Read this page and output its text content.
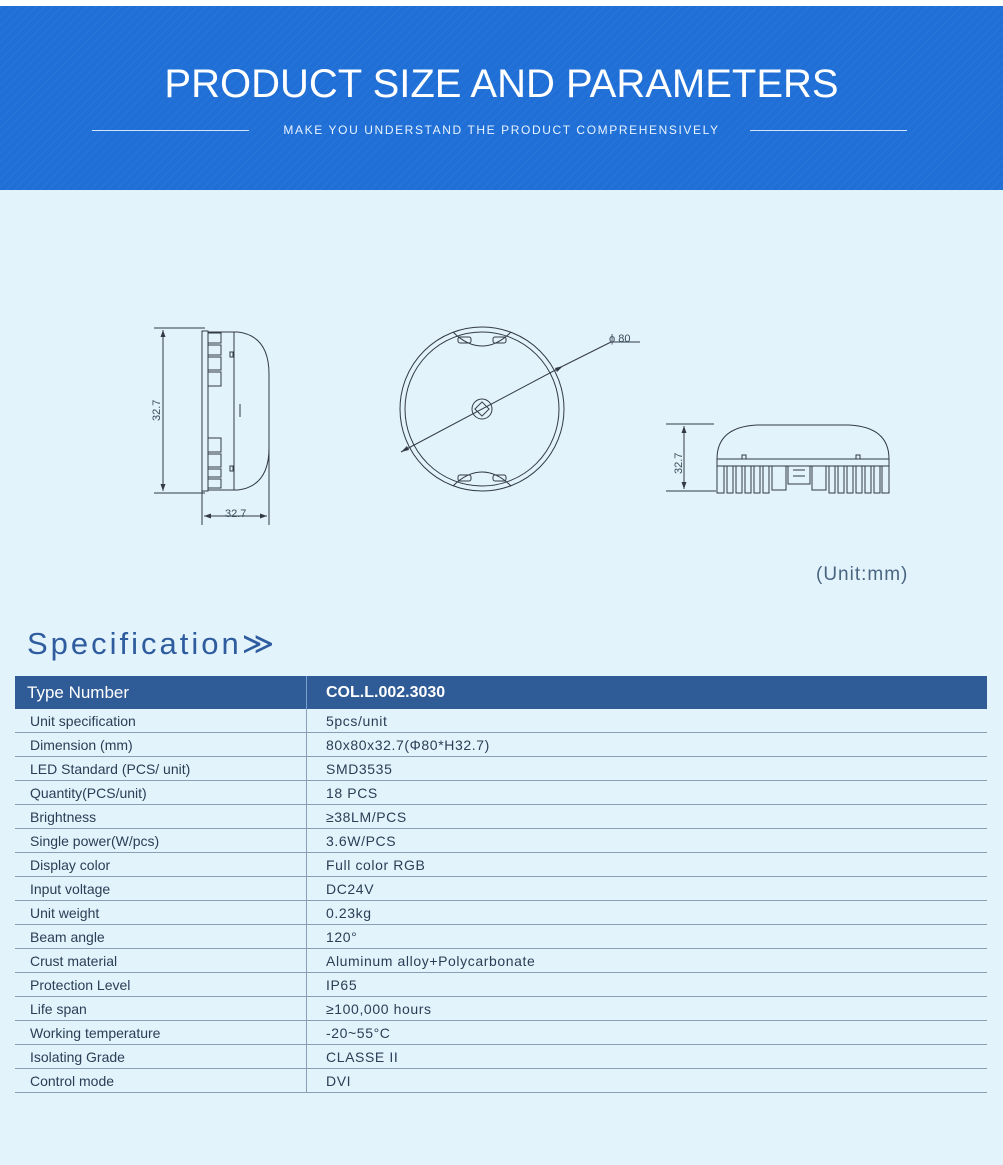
PRODUCT SIZE AND PARAMETERS
MAKE YOU UNDERSTAND THE PRODUCT COMPREHENSIVELY
32.7
32.7
ϕ 80
32.7
(Unit:mm)
Specification≫
Type Number	COL.L.002.3030
Unit specification	5pcs/unit
Dimension (mm)	80x80x32.7(Φ80*H32.7)
LED Standard (PCS/ unit)	SMD3535
Quantity(PCS/unit)	18 PCS
Brightness	≥38LM/PCS
Single power(W/pcs)	3.6W/PCS
Display color	Full color RGB
Input voltage	DC24V
Unit weight	0.23kg
Beam angle	120°
Crust material	Aluminum alloy+Polycarbonate
Protection Level	IP65
Life span	≥100,000 hours
Working temperature	-20~55°C
Isolating Grade	CLASSE II
Control mode	DVI
